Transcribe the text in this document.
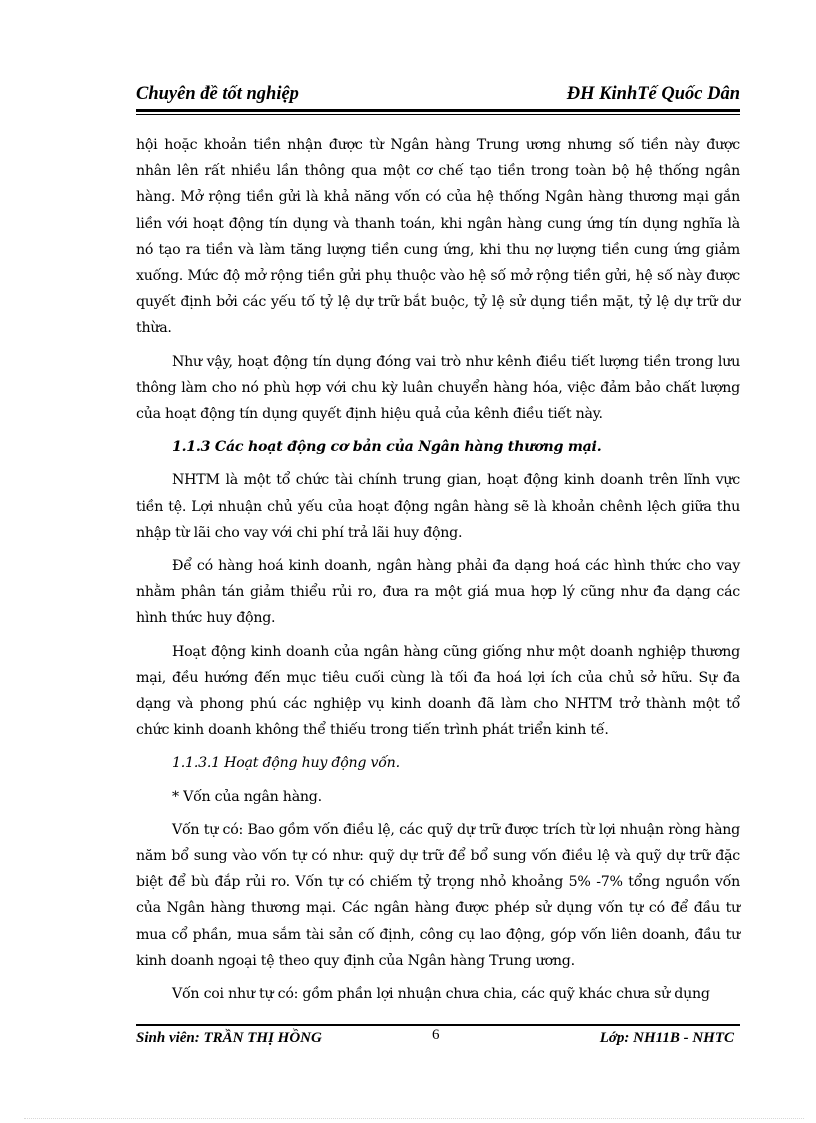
Chuyên đề tốt nghiệp	ĐH KinhTế Quốc Dân

hội hoặc khoản tiền nhận được từ Ngân hàng Trung ương nhưng số tiền này được nhân lên rất nhiều lần thông qua một cơ chế tạo tiền trong toàn bộ hệ thống ngân hàng. Mở rộng tiền gửi là khả năng vốn có của hệ thống Ngân hàng thương mại gắn liền với hoạt động tín dụng và thanh toán, khi ngân hàng cung ứng tín dụng nghĩa là nó tạo ra tiền và làm tăng lượng tiền cung ứng, khi thu nợ lượng tiền cung ứng giảm xuống. Mức độ mở rộng tiền gửi phụ thuộc vào hệ số mở rộng tiền gửi, hệ số này được quyết định bởi các yếu tố tỷ lệ dự trữ bắt buộc, tỷ lệ sử dụng tiền mặt, tỷ lệ dự trữ dư thừa.

Như vậy, hoạt động tín dụng đóng vai trò như kênh điều tiết lượng tiền trong lưu thông làm cho nó phù hợp với chu kỳ luân chuyển hàng hóa, việc đảm bảo chất lượng của hoạt động tín dụng quyết định hiệu quả của kênh điều tiết này.

1.1.3 Các hoạt động cơ bản của Ngân hàng thương mại.

NHTM là một tổ chức tài chính trung gian, hoạt động kinh doanh trên lĩnh vực tiền tệ. Lợi nhuận chủ yếu của hoạt động ngân hàng sẽ là khoản chênh lệch giữa thu nhập từ lãi cho vay với chi phí trả lãi huy động.

Để có hàng hoá kinh doanh, ngân hàng phải đa dạng hoá các hình thức cho vay nhằm phân tán giảm thiểu rủi ro, đưa ra một giá mua hợp lý cũng như đa dạng các hình thức huy động.

Hoạt động kinh doanh của ngân hàng cũng giống như một doanh nghiệp thương mại, đều hướng đến mục tiêu cuối cùng là tối đa hoá lợi ích của chủ sở hữu. Sự đa dạng và phong phú các nghiệp vụ kinh doanh đã làm cho NHTM trở thành một tổ chức kinh doanh không thể thiếu trong tiến trình phát triển kinh tế.

1.1.3.1 Hoạt động huy động vốn.

* Vốn của ngân hàng.

Vốn tự có: Bao gồm vốn điều lệ, các quỹ dự trữ được trích từ lợi nhuận ròng hàng năm bổ sung vào vốn tự có như: quỹ dự trữ để bổ sung vốn điều lệ và quỹ dự trữ đặc biệt để bù đắp rủi ro. Vốn tự có chiếm tỷ trọng nhỏ khoảng 5% -7% tổng nguồn vốn của Ngân hàng thương mại. Các ngân hàng được phép sử dụng vốn tự có để đầu tư mua cổ phần, mua sắm tài sản cố định, công cụ lao động, góp vốn liên doanh, đầu tư kinh doanh ngoại tệ theo quy định của Ngân hàng Trung ương.

Vốn coi như tự có: gồm phần lợi nhuận chưa chia, các quỹ khác chưa sử dụng

Sinh viên: TRẦN THỊ HỒNG	6	Lớp: NH11B - NHTC
